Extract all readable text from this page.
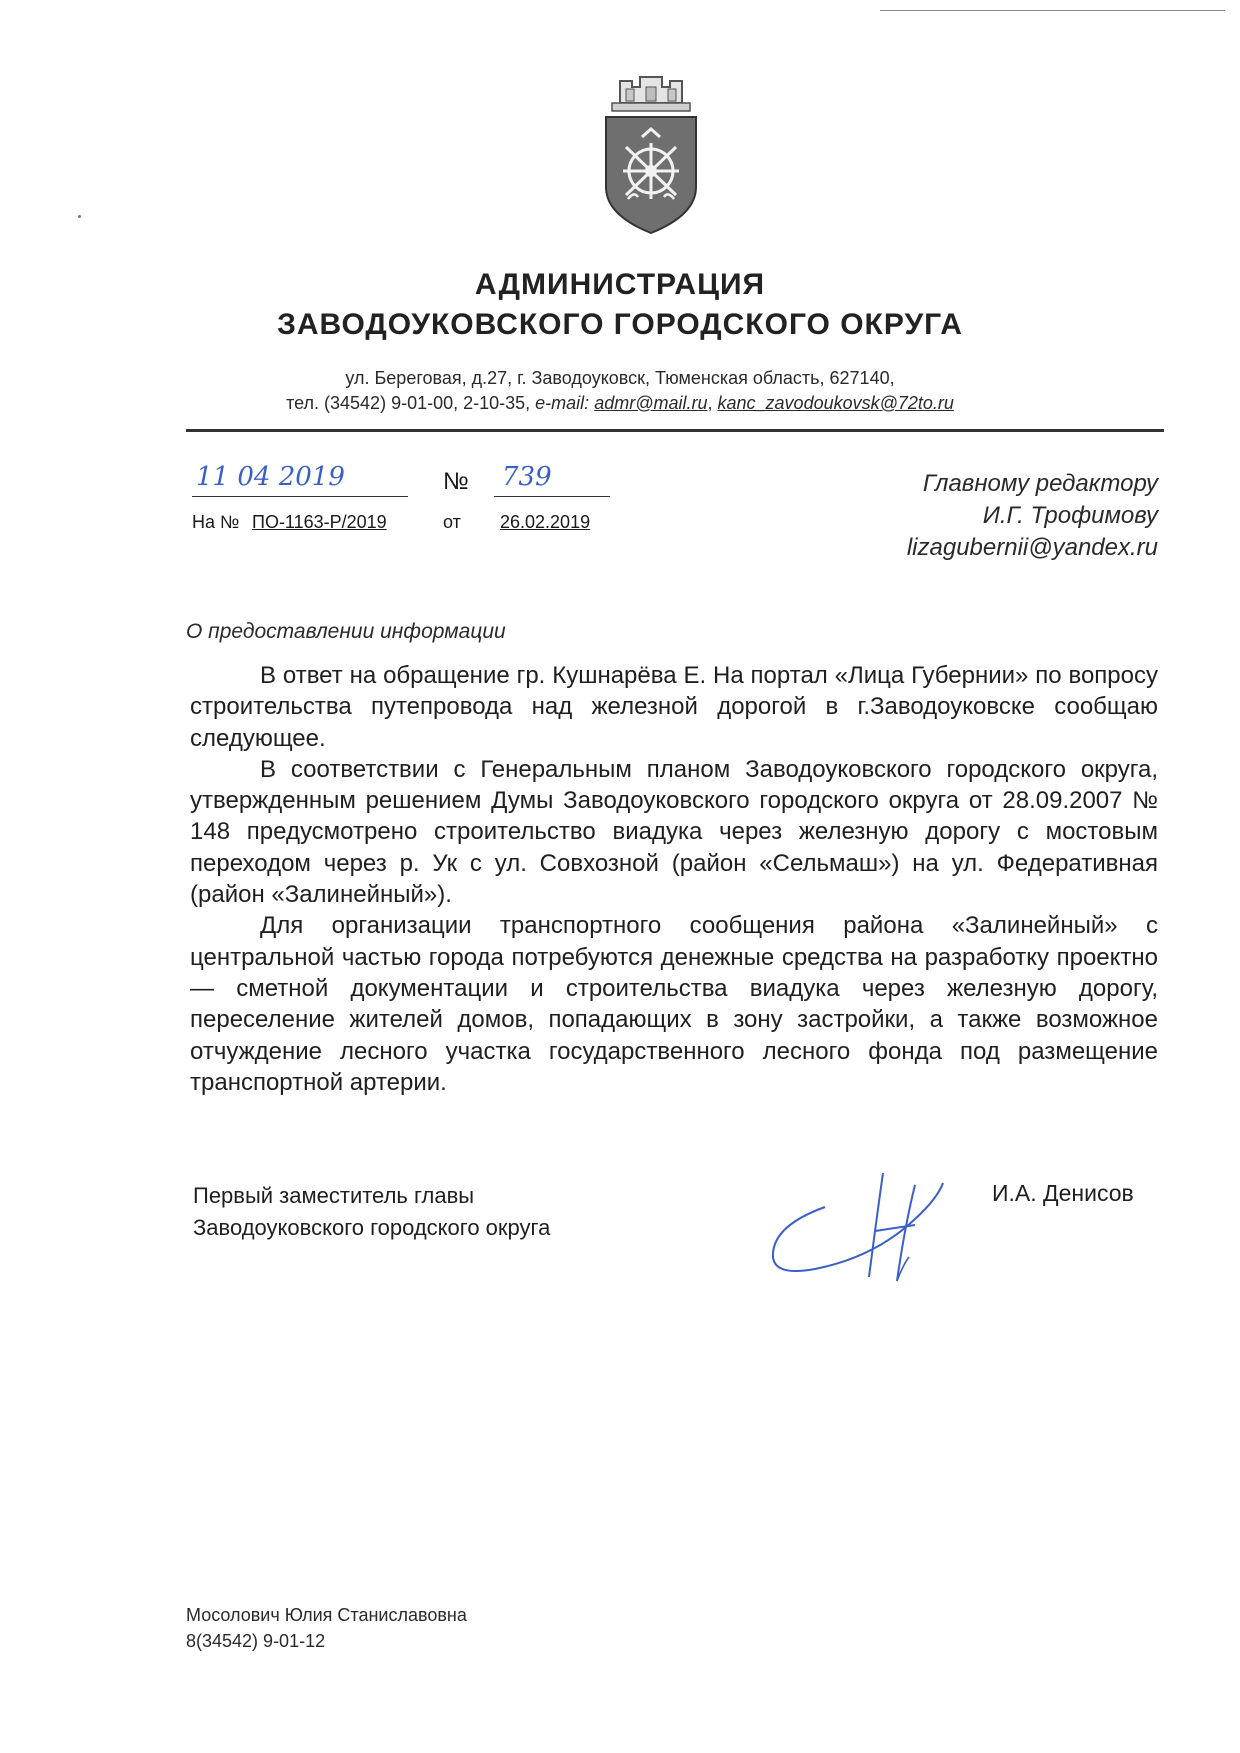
АДМИНИСТРАЦИЯ
ЗАВОДОУКОВСКОГО ГОРОДСКОГО ОКРУГА
ул. Береговая, д.27, г. Заводоуковск, Тюменская область, 627140,
тел. (34542) 9-01-00, 2-10-35, e-mail: admr@mail.ru, kanc_zavodoukovsk@72to.ru
11 04 2019	№ 739
На № ПО-1163-Р/2019	от 26.02.2019
Главному редактору
И.Г. Трофимову
lizagubernii@yandex.ru
О предоставлении информации

В ответ на обращение гр. Кушнарёва Е. На портал «Лица Губернии» по вопросу строительства путепровода над железной дорогой в г.Заводоуковске сообщаю следующее.

В соответствии с Генеральным планом Заводоуковского городского округа, утвержденным решением Думы Заводоуковского городского округа от 28.09.2007 № 148 предусмотрено строительство виадука через железную дорогу с мостовым переходом через р. Ук с ул. Совхозной (район «Сельмаш») на ул. Федеративная (район «Залинейный»).

Для организации транспортного сообщения района «Залинейный» с центральной частью города потребуются денежные средства на разработку проектно — сметной документации и строительства виадука через железную дорогу, переселение жителей домов, попадающих в зону застройки, а также возможное отчуждение лесного участка государственного лесного фонда под размещение транспортной артерии.

Первый заместитель главы
Заводоуковского городского округа
И.А. Денисов
Мосолович Юлия Станиславовна
8(34542) 9-01-12
